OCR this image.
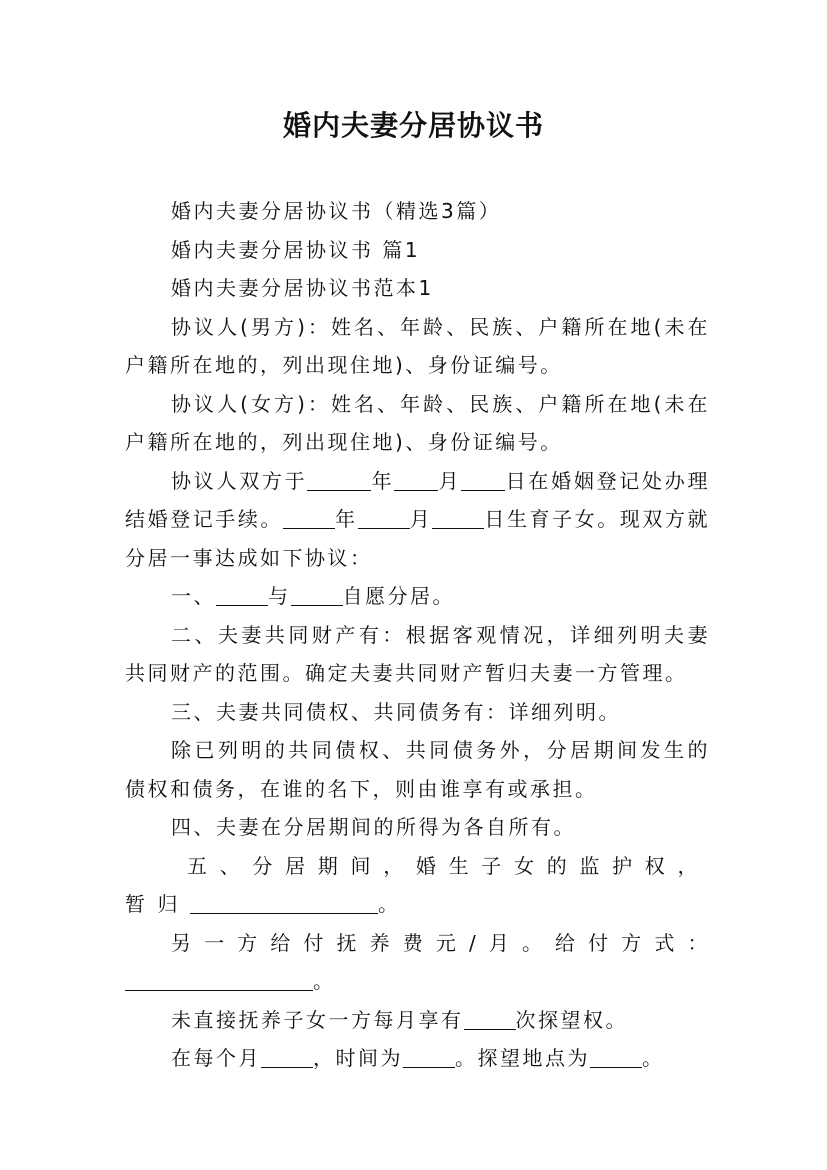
婚内夫妻分居协议书

婚内夫妻分居协议书（精选3篇）

婚内夫妻分居协议书 篇1

婚内夫妻分居协议书范本1

协议人(男方)：姓名、年龄、民族、户籍所在地(未在户籍所在地的，列出现住地)、身份证编号。

协议人(女方)：姓名、年龄、民族、户籍所在地(未在户籍所在地的，列出现住地)、身份证编号。

协议人双方于	年 月 日在婚姻登记处办理结婚登记手续。	年	月	日生育子女。现双方就分居一事达成如下协议：

一、	与	自愿分居。

二、夫妻共同财产有：根据客观情况，详细列明夫妻共同财产的范围。确定夫妻共同财产暂归夫妻一方管理。

三、夫妻共同债权、共同债务有：详细列明。

除已列明的共同债权、共同债务外，分居期间发生的债权和债务，在谁的名下，则由谁享有或承担。

四、夫妻在分居期间的所得为各自所有。

五、分居期间，婚生子女的监护权，暂归	。

另一方给付抚养费元/月。给付方式：。

未直接抚养子女一方每月享有	次探望权。

在每个月	，时间为	。探望地点为	。
